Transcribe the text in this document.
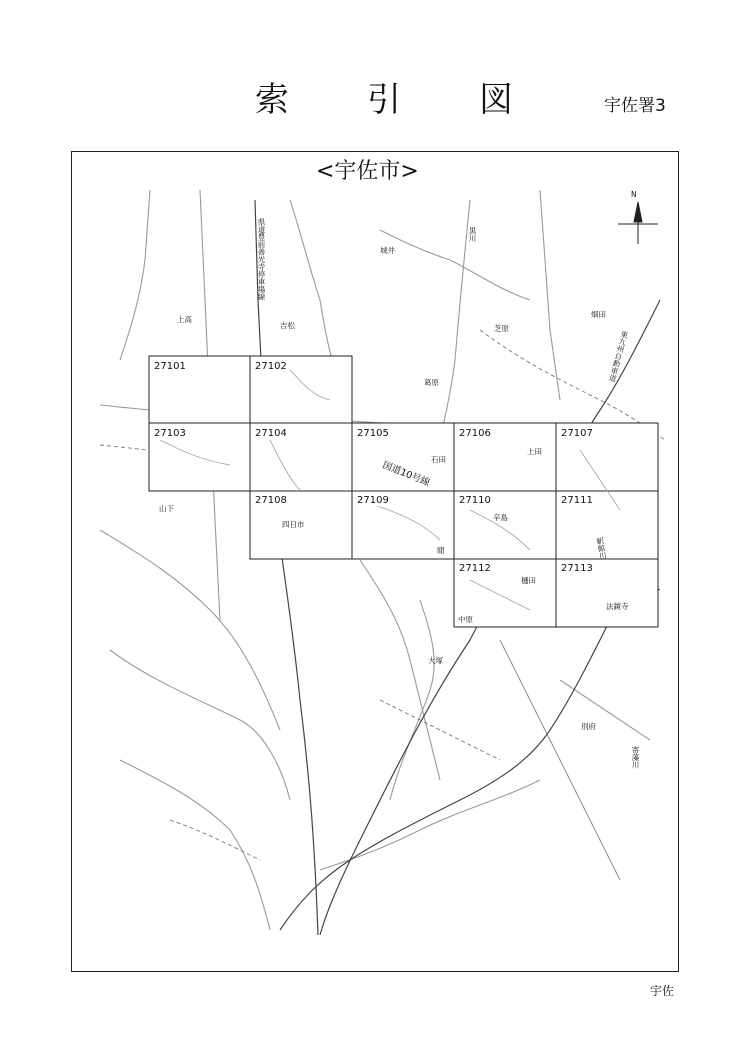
索引図 宇佐署3
<宇佐市>
N
27101	27102
27103	27104	27105	27106	27107
27108	27109	27110	27111
27112	27113
上高
吉松
城井
葛原
芝原
畑田
石田
上田
山下
四日市
辛島
閒
樋田
中原
法鏡寺
大塚
別府
黒川
東九州自動車道
県道豊前善光寺停車場線
駅館川
寄藻川
国道10号線
宇佐
